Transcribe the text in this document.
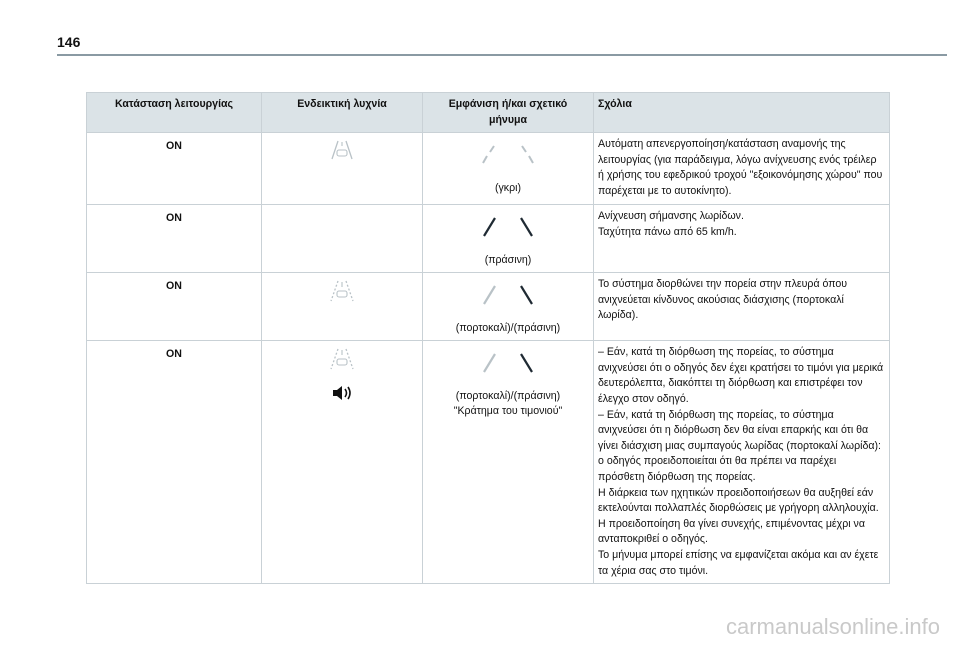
146
Κατάσταση λειτουργίας	Ενδεικτική λυχνία	Εμφάνιση ή/και σχετικό μήνυμα	Σχόλια
ON		(γκρι)	Αυτόματη απενεργοποίηση/κατάσταση αναμονής της λειτουργίας (για παράδειγμα, λόγω ανίχνευσης ενός τρέιλερ ή χρήσης του εφεδρικού τροχού "εξοικονόμησης χώρου" που παρέχεται με το αυτοκίνητο).

ON		(πράσινη)	Ανίχνευση σήμανσης λωρίδων.
Ταχύτητα πάνω από 65 km/h.

ON		(πορτοκαλί)/(πράσινη)	Το σύστημα διορθώνει την πορεία στην πλευρά όπου ανιχνεύεται κίνδυνος ακούσιας διάσχισης (πορτοκαλί λωρίδα).

ON		(πορτοκαλί)/(πράσινη)
"Κράτημα του τιμονιού"	– Εάν, κατά τη διόρθωση της πορείας, το σύστημα ανιχνεύσει ότι ο οδηγός δεν έχει κρατήσει το τιμόνι για μερικά δευτερόλεπτα, διακόπτει τη διόρθωση και επιστρέφει τον έλεγχο στον οδηγό.
– Εάν, κατά τη διόρθωση της πορείας, το σύστημα ανιχνεύσει ότι η διόρθωση δεν θα είναι επαρκής και ότι θα γίνει διάσχιση μιας συμπαγούς λωρίδας (πορτοκαλί λωρίδα): ο οδηγός προειδοποιείται ότι θα πρέπει να παρέχει πρόσθετη διόρθωση της πορείας.
Η διάρκεια των ηχητικών προειδοποιήσεων θα αυξηθεί εάν εκτελούνται πολλαπλές διορθώσεις με γρήγορη αλληλουχία.
Η προειδοποίηση θα γίνει συνεχής, επιμένοντας μέχρι να ανταποκριθεί ο οδηγός.
Το μήνυμα μπορεί επίσης να εμφανίζεται ακόμα και αν έχετε τα χέρια σας στο τιμόνι.
carmanualsonline.info
